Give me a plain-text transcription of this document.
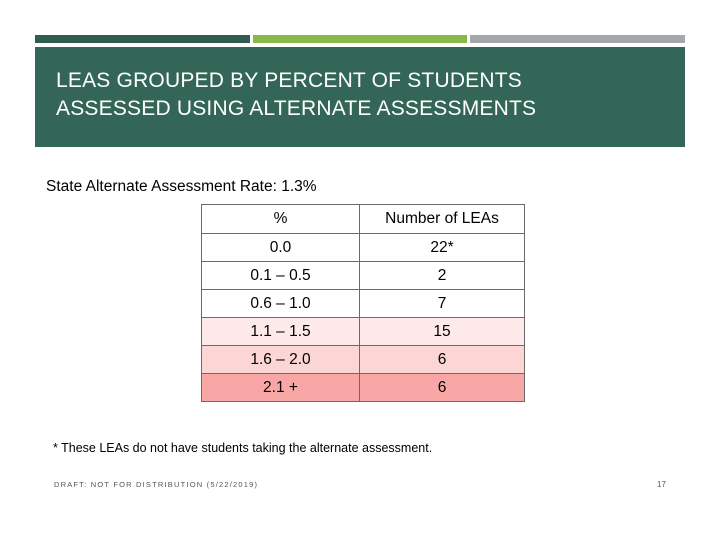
LEAS GROUPED BY PERCENT OF STUDENTS
ASSESSED USING ALTERNATE ASSESSMENTS
State Alternate Assessment Rate: 1.3%
%	Number of LEAs
0.0	22*
0.1 – 0.5	2
0.6 – 1.0	7
1.1 – 1.5	15
1.6 – 2.0	6
2.1 +	6
* These LEAs do not have students taking the alternate assessment.
DRAFT: NOT FOR DISTRIBUTION (5/22/2019)	17
